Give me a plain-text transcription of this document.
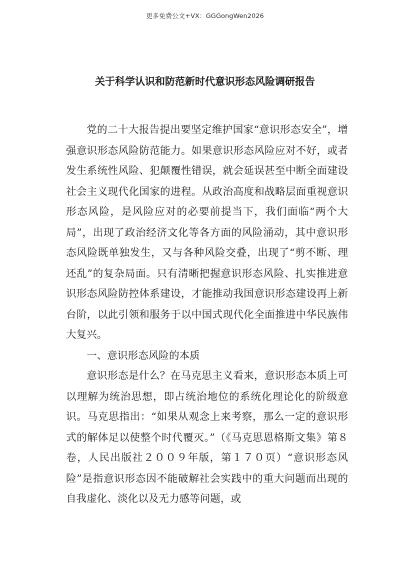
更多免费公文+VX：GGGongWen2026
关于科学认识和防范新时代意识形态风险调研报告

党的二十大报告提出要坚定维护国家“意识形态安全”，增强意识形态风险防范能力。如果意识形态风险应对不好，或者发生系统性风险、犯颠覆性错误，就会延误甚至中断全面建设社会主义现代化国家的进程。从政治高度和战略层面重视意识形态风险，是风险应对的必要前提当下，我们面临“两个大局”，出现了政治经济文化等各方面的风险涌动，其中意识形态风险既单独发生，又与各种风险交叠，出现了“剪不断、理还乱”的复杂局面。只有清晰把握意识形态风险、扎实推进意识形态风险防控体系建设，才能推动我国意识形态建设再上新台阶，以此引领和服务于以中国式现代化全面推进中华民族伟大复兴。

一、意识形态风险的本质

意识形态是什么？在马克思主义看来，意识形态本质上可以理解为统治思想，即占统治地位的系统化理论化的阶级意识。马克思指出：“如果从观念上来考察，那么一定的意识形式的解体足以使整个时代覆灭。”（《马克思恩格斯文集》第８卷，人民出版社２００９年版，第１７０页）“意识形态风险”是指意识形态因不能破解社会实践中的重大问题而出现的自我虚化、淡化以及无力感等问题，或
